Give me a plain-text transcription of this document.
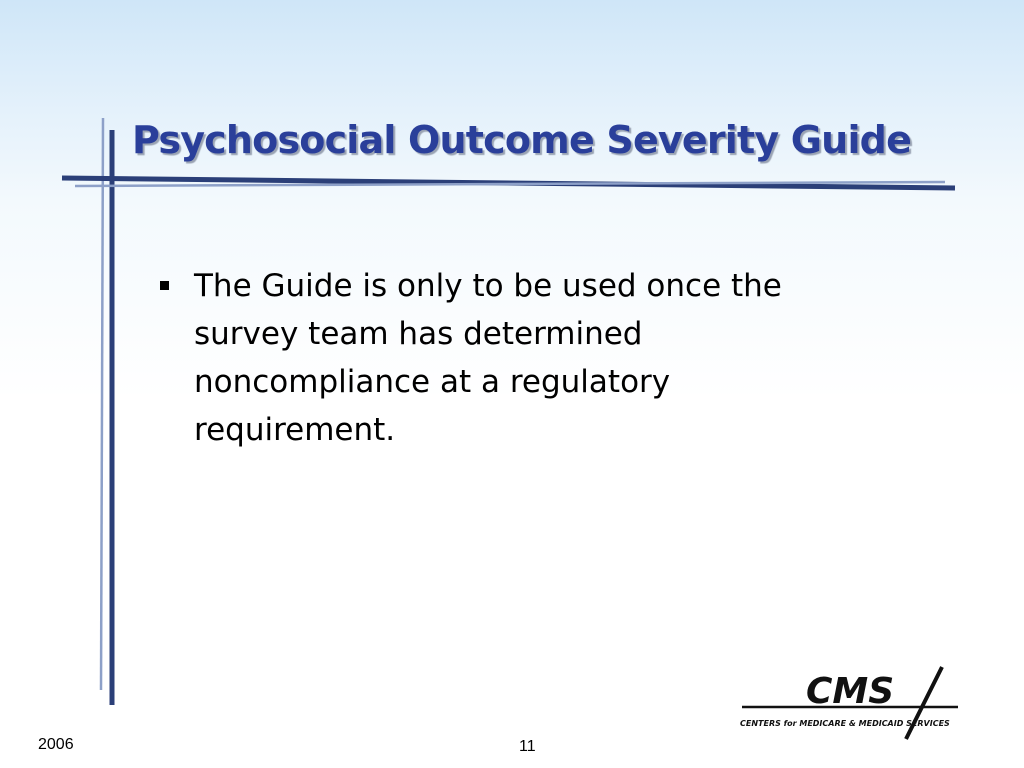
Psychosocial Outcome Severity Guide
The Guide is only to be used once the survey team has determined noncompliance at a regulatory requirement.
CMS
CENTERS for MEDICARE & MEDICAID SERVICES
2006	11
